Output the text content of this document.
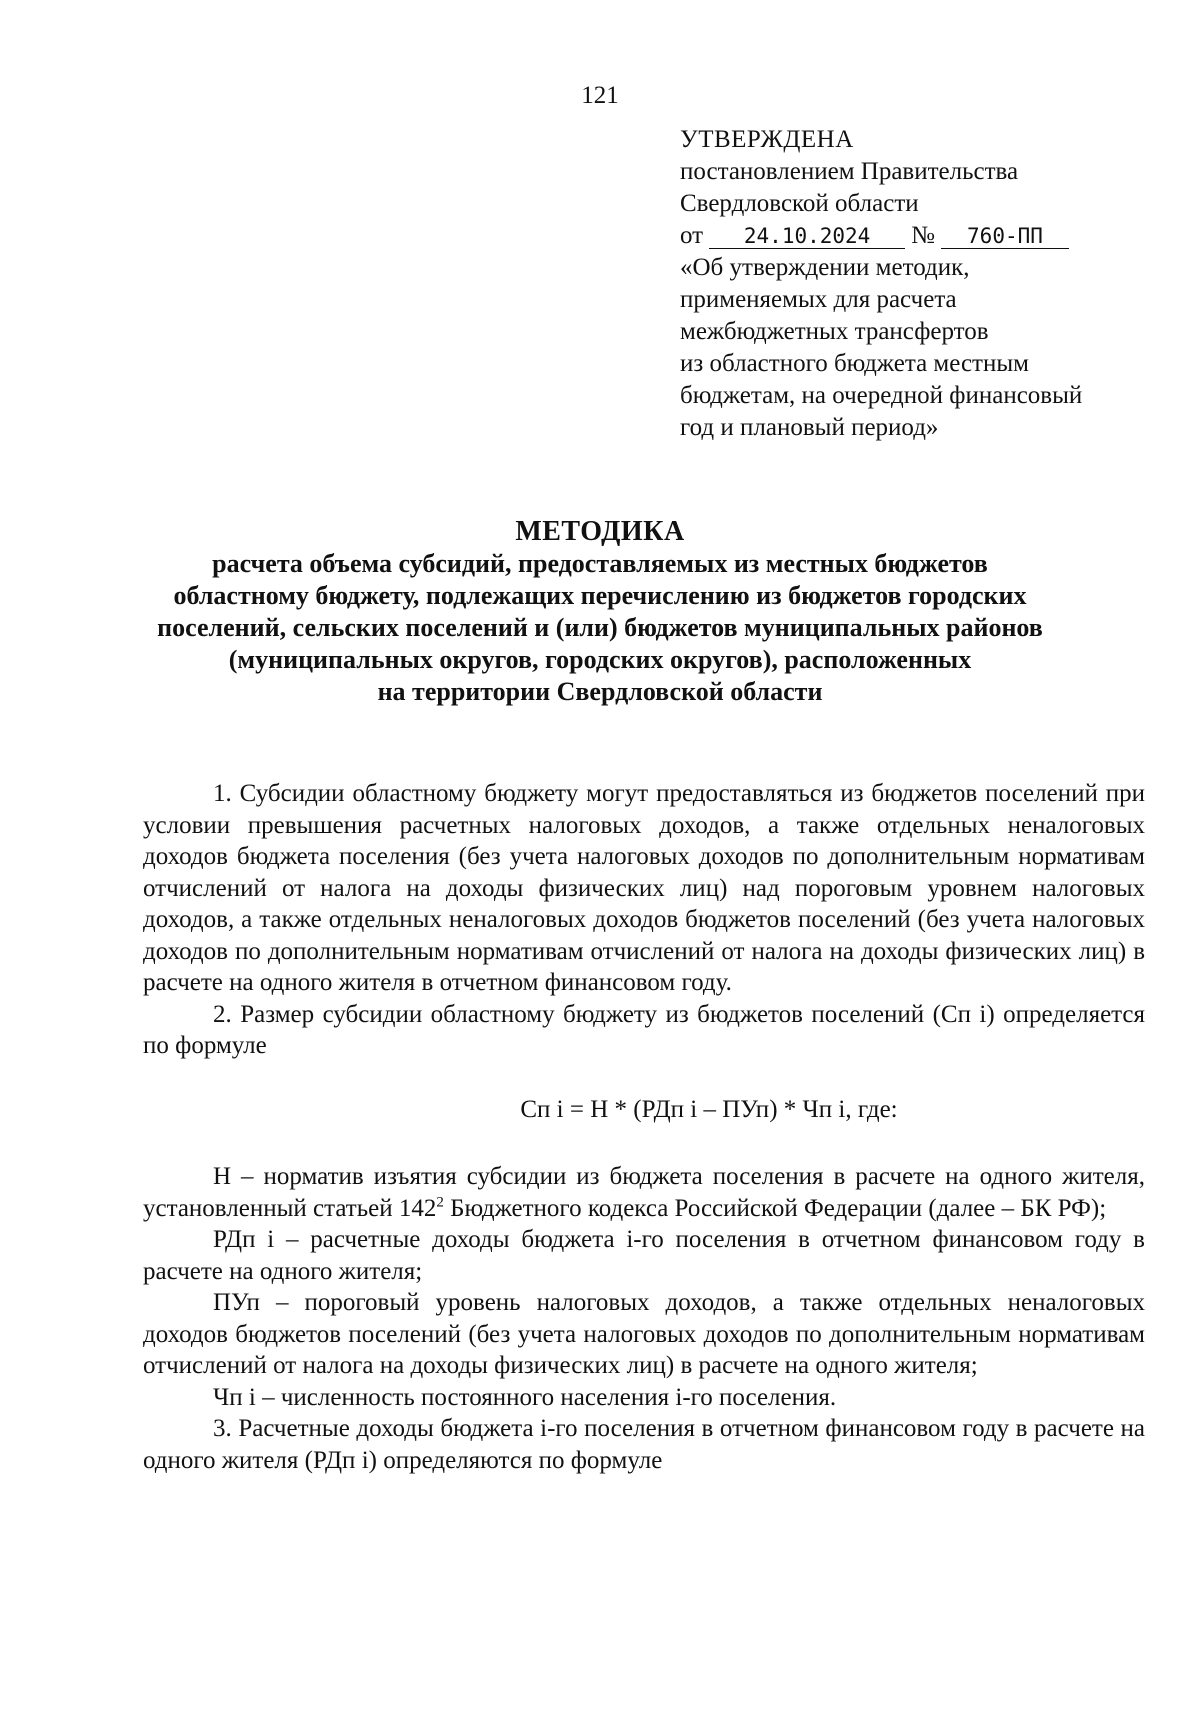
121
УТВЕРЖДЕНА
постановлением Правительства
Свердловской области
от 24.10.2024 № 760-ПП
«Об утверждении методик,
применяемых для расчета
межбюджетных трансфертов
из областного бюджета местным
бюджетам, на очередной финансовый
год и плановый период»
МЕТОДИКА
расчета объема субсидий, предоставляемых из местных бюджетов
областному бюджету, подлежащих перечислению из бюджетов городских
поселений, сельских поселений и (или) бюджетов муниципальных районов
(муниципальных округов, городских округов), расположенных
на территории Свердловской области

1. Субсидии областному бюджету могут предоставляться из бюджетов поселений при условии превышения расчетных налоговых доходов, а также отдельных неналоговых доходов бюджета поселения (без учета налоговых доходов по дополнительным нормативам отчислений от налога на доходы физических лиц) над пороговым уровнем налоговых доходов, а также отдельных неналоговых доходов бюджетов поселений (без учета налоговых доходов по дополнительным нормативам отчислений от налога на доходы физических лиц) в расчете на одного жителя в отчетном финансовом году.

2. Размер субсидии областному бюджету из бюджетов поселений (Сп i) определяется по формуле

Сп i = Н * (РДп i – ПУп) * Чп i, где:

Н – норматив изъятия субсидии из бюджета поселения в расчете на одного жителя, установленный статьей $142^2$ Бюджетного кодекса Российской Федерации (далее – БК РФ);

РДп i – расчетные доходы бюджета i-го поселения в отчетном финансовом году в расчете на одного жителя;

ПУп – пороговый уровень налоговых доходов, а также отдельных неналоговых доходов бюджетов поселений (без учета налоговых доходов по дополнительным нормативам отчислений от налога на доходы физических лиц) в расчете на одного жителя;

Чп i – численность постоянного населения i-го поселения.

3. Расчетные доходы бюджета i-го поселения в отчетном финансовом году в расчете на одного жителя (РДп i) определяются по формуле
